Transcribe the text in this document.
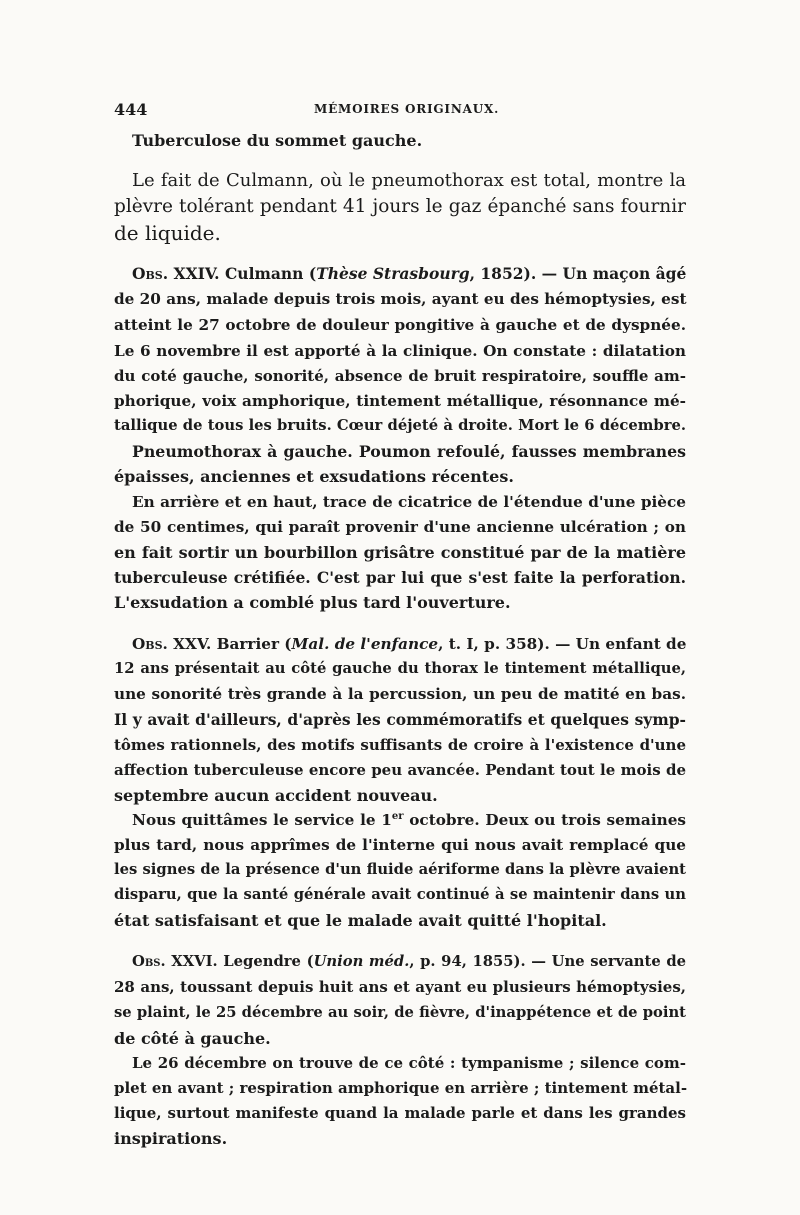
444	MÉMOIRES ORIGINAUX.
Tuberculose du sommet gauche.
Le fait de Culmann, où le pneumothorax est total, montre la
plèvre tolérant pendant 41 jours le gaz épanché sans fournir
de liquide.
Obs. XXIV. Culmann (Thèse Strasbourg, 1852). — Un maçon âgé
de 20 ans, malade depuis trois mois, ayant eu des hémoptysies, est
atteint le 27 octobre de douleur pongitive à gauche et de dyspnée.
Le 6 novembre il est apporté à la clinique. On constate : dilatation
du coté gauche, sonorité, absence de bruit respiratoire, souffle am-
phorique, voix amphorique, tintement métallique, résonnance mé-
tallique de tous les bruits. Cœur déjeté à droite. Mort le 6 décembre.
Pneumothorax à gauche. Poumon refoulé, fausses membranes
épaisses, anciennes et exsudations récentes.
En arrière et en haut, trace de cicatrice de l'étendue d'une pièce
de 50 centimes, qui paraît provenir d'une ancienne ulcération ; on
en fait sortir un bourbillon grisâtre constitué par de la matière
tuberculeuse crétifiée. C'est par lui que s'est faite la perforation.
L'exsudation a comblé plus tard l'ouverture.
Obs. XXV. Barrier (Mal. de l'enfance, t. I, p. 358). — Un enfant de
12 ans présentait au côté gauche du thorax le tintement métallique,
une sonorité très grande à la percussion, un peu de matité en bas.
Il y avait d'ailleurs, d'après les commémoratifs et quelques symp-
tômes rationnels, des motifs suffisants de croire à l'existence d'une
affection tuberculeuse encore peu avancée. Pendant tout le mois de
septembre aucun accident nouveau.
Nous quittâmes le service le 1er octobre. Deux ou trois semaines
plus tard, nous apprîmes de l'interne qui nous avait remplacé que
les signes de la présence d'un fluide aériforme dans la plèvre avaient
disparu, que la santé générale avait continué à se maintenir dans un
état satisfaisant et que le malade avait quitté l'hopital.
Obs. XXVI. Legendre (Union méd., p. 94, 1855). — Une servante de
28 ans, toussant depuis huit ans et ayant eu plusieurs hémoptysies,
se plaint, le 25 décembre au soir, de fièvre, d'inappétence et de point
de côté à gauche.
Le 26 décembre on trouve de ce côté : tympanisme ; silence com-
plet en avant ; respiration amphorique en arrière ; tintement métal-
lique, surtout manifeste quand la malade parle et dans les grandes
inspirations.
